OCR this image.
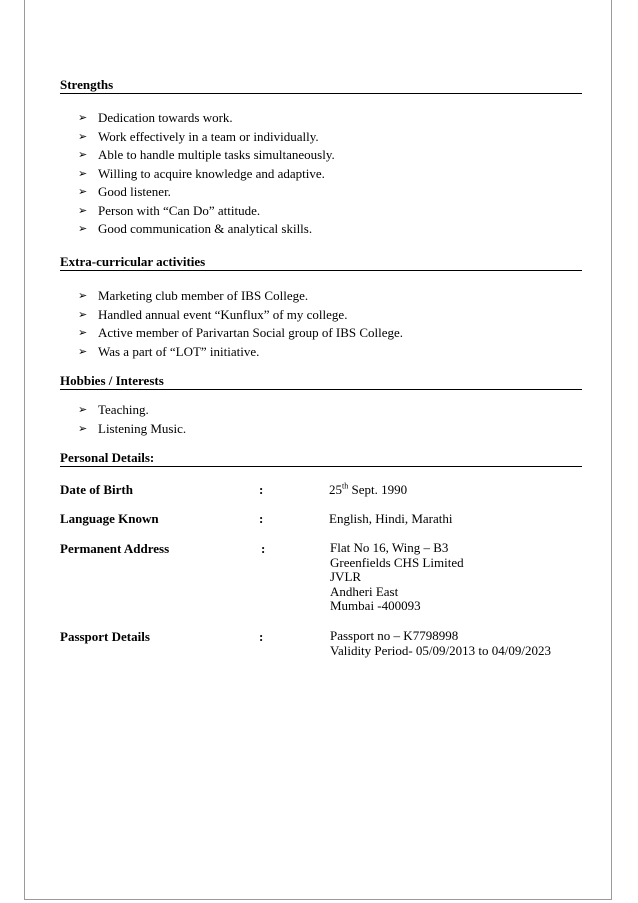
Strengths
➢ Dedication towards work.
➢ Work effectively in a team or individually.
➢ Able to handle multiple tasks simultaneously.
➢ Willing to acquire knowledge and adaptive.
➢ Good listener.
➢ Person with “Can Do” attitude.
➢ Good communication & analytical skills.
Extra-curricular activities
➢ Marketing club member of IBS College.
➢ Handled annual event “Kunflux” of my college.
➢ Active member of Parivartan Social group of IBS College.
➢ Was a part of “LOT” initiative.
Hobbies / Interests
➢ Teaching.
➢ Listening Music.
Personal Details:
Date of Birth	:	25th Sept. 1990
Language Known	:	English, Hindi, Marathi
Permanent Address	:	Flat No 16, Wing – B3
Greenfields CHS Limited
JVLR
Andheri East
Mumbai -400093
Passport Details	:	Passport no – K7798998
Validity Period- 05/09/2013 to 04/09/2023
